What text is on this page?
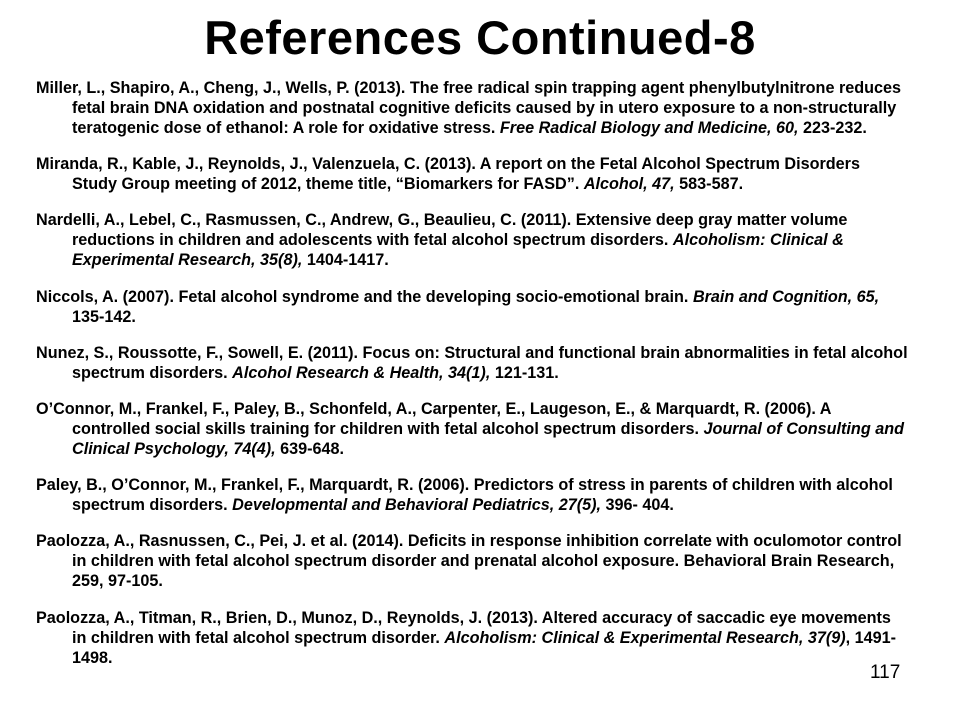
References Continued-8

Miller, L., Shapiro, A., Cheng, J., Wells, P. (2013). The free radical spin trapping agent phenylbutylnitrone reduces fetal brain DNA oxidation and postnatal cognitive deficits caused by in utero exposure to a non-structurally teratogenic dose of ethanol: A role for oxidative stress. Free Radical Biology and Medicine, 60, 223-232.

Miranda, R., Kable, J., Reynolds, J., Valenzuela, C. (2013). A report on the Fetal Alcohol Spectrum Disorders Study Group meeting of 2012, theme title, “Biomarkers for FASD”. Alcohol, 47, 583-587.

Nardelli, A., Lebel, C., Rasmussen, C., Andrew, G., Beaulieu, C. (2011). Extensive deep gray matter volume reductions in children and adolescents with fetal alcohol spectrum disorders. Alcoholism: Clinical & Experimental Research, 35(8), 1404-1417.

Niccols, A. (2007). Fetal alcohol syndrome and the developing socio-emotional brain. Brain and Cognition, 65, 135-142.

Nunez, S., Roussotte, F., Sowell, E. (2011). Focus on: Structural and functional brain abnormalities in fetal alcohol spectrum disorders. Alcohol Research & Health, 34(1), 121-131.

O’Connor, M., Frankel, F., Paley, B., Schonfeld, A., Carpenter, E., Laugeson, E., & Marquardt, R. (2006). A controlled social skills training for children with fetal alcohol spectrum disorders. Journal of Consulting and Clinical Psychology, 74(4), 639-648.

Paley, B., O’Connor, M., Frankel, F., Marquardt, R. (2006). Predictors of stress in parents of children with alcohol spectrum disorders. Developmental and Behavioral Pediatrics, 27(5), 396- 404.

Paolozza, A., Rasnussen, C., Pei, J. et al. (2014). Deficits in response inhibition correlate with oculomotor control in children with fetal alcohol spectrum disorder and prenatal alcohol exposure. Behavioral Brain Research, 259, 97-105.

Paolozza, A., Titman, R., Brien, D., Munoz, D., Reynolds, J. (2013). Altered accuracy of saccadic eye movements in children with fetal alcohol spectrum disorder. Alcoholism: Clinical & Experimental Research, 37(9), 1491-1498.

117
